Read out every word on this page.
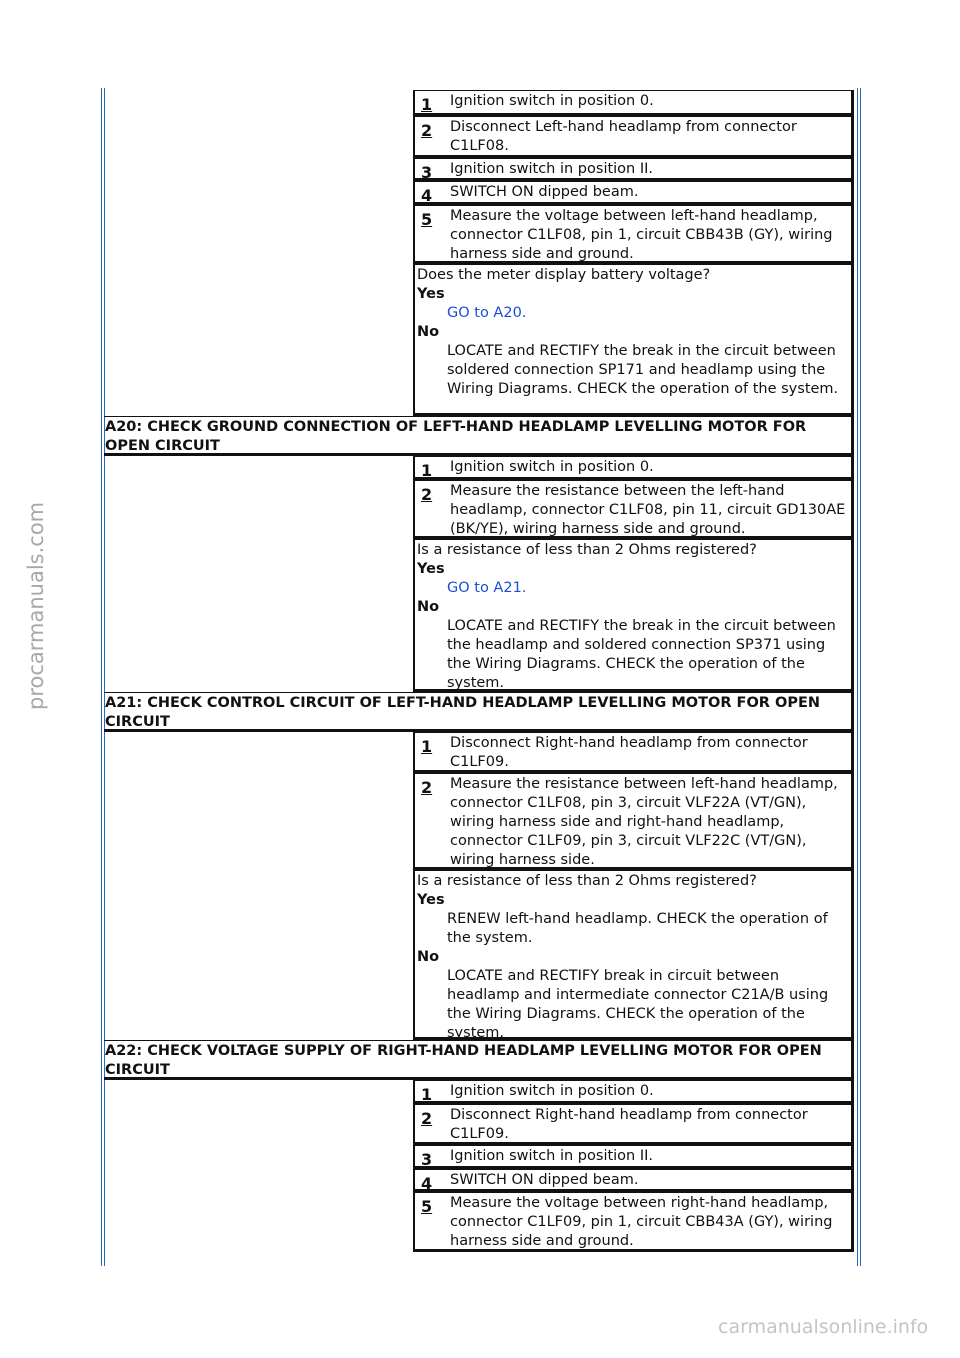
procarmanuals.com
carmanualsonline.info
1 Ignition switch in position 0.
2 Disconnect Left-hand headlamp from connector C1LF08.
3 Ignition switch in position II.
4 SWITCH ON dipped beam.
5 Measure the voltage between left-hand headlamp, connector C1LF08, pin 1, circuit CBB43B (GY), wiring harness side and ground.
Does the meter display battery voltage?
Yes
GO to A20.
No
LOCATE and RECTIFY the break in the circuit between soldered connection SP171 and headlamp using the Wiring Diagrams. CHECK the operation of the system.
A20: CHECK GROUND CONNECTION OF LEFT-HAND HEADLAMP LEVELLING MOTOR FOR OPEN CIRCUIT
1 Ignition switch in position 0.
2 Measure the resistance between the left-hand headlamp, connector C1LF08, pin 11, circuit GD130AE (BK/YE), wiring harness side and ground.
Is a resistance of less than 2 Ohms registered?
Yes
GO to A21.
No
LOCATE and RECTIFY the break in the circuit between the headlamp and soldered connection SP371 using the Wiring Diagrams. CHECK the operation of the system.
A21: CHECK CONTROL CIRCUIT OF LEFT-HAND HEADLAMP LEVELLING MOTOR FOR OPEN CIRCUIT
1 Disconnect Right-hand headlamp from connector C1LF09.
2 Measure the resistance between left-hand headlamp, connector C1LF08, pin 3, circuit VLF22A (VT/GN), wiring harness side and right-hand headlamp, connector C1LF09, pin 3, circuit VLF22C (VT/GN), wiring harness side.
Is a resistance of less than 2 Ohms registered?
Yes
RENEW left-hand headlamp. CHECK the operation of the system.
No
LOCATE and RECTIFY break in circuit between headlamp and intermediate connector C21A/B using the Wiring Diagrams. CHECK the operation of the system.
A22: CHECK VOLTAGE SUPPLY OF RIGHT-HAND HEADLAMP LEVELLING MOTOR FOR OPEN CIRCUIT
1 Ignition switch in position 0.
2 Disconnect Right-hand headlamp from connector C1LF09.
3 Ignition switch in position II.
4 SWITCH ON dipped beam.
5 Measure the voltage between right-hand headlamp, connector C1LF09, pin 1, circuit CBB43A (GY), wiring harness side and ground.
